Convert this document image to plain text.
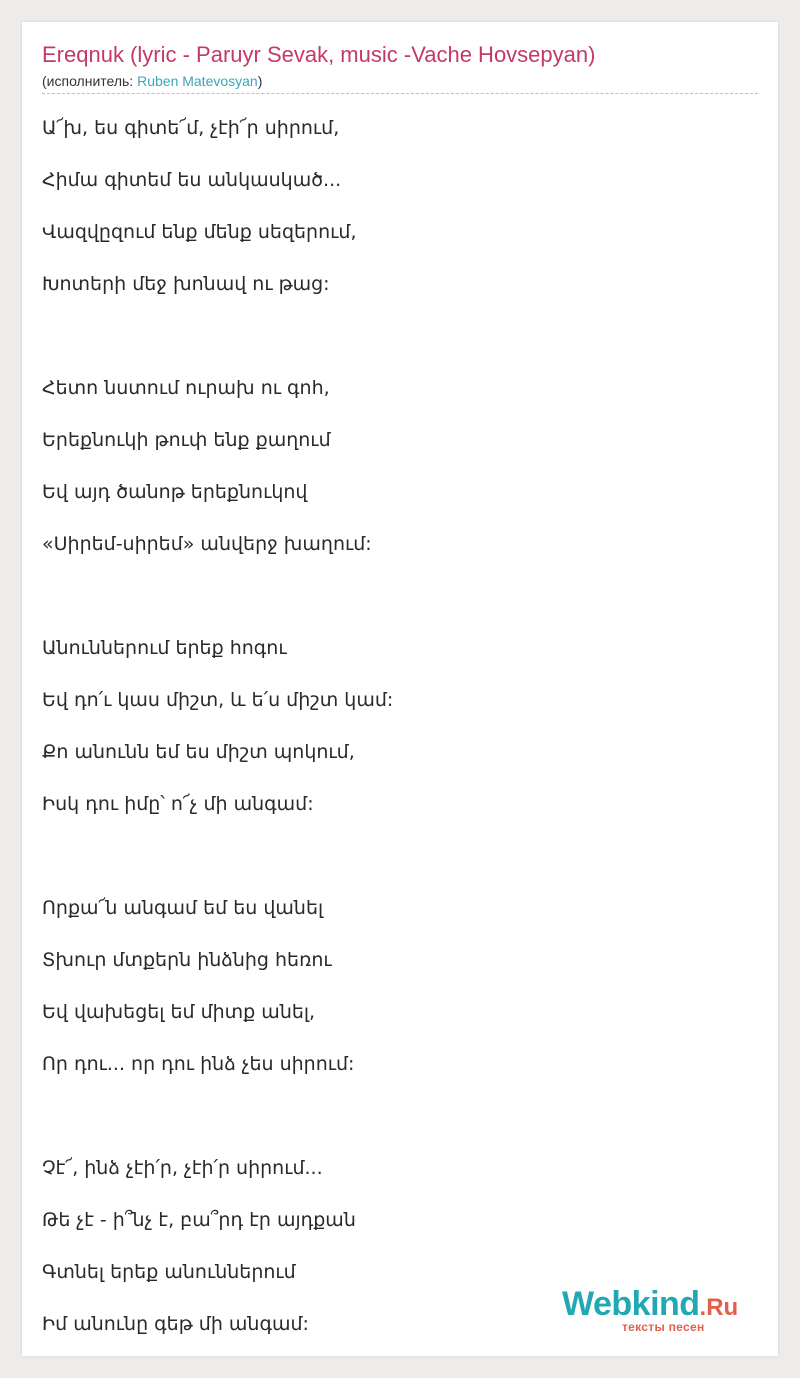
Ereqnuk (lyric - Paruyr Sevak, music -Vache Hovsepyan)
(исполнитель: Ruben Matevosyan)
Ա՜խ, ես գիտե՜մ, չէի՜ր սիրում,
Հիմա գիտեմ ես անկասկած...
Վազվըզում ենք մենք սեզերում,
Խոտերի մեջ խոնավ ու թաց:
Հետո նստում ուրախ ու գոհ,
Երեքնուկի թուփ ենք քաղում
Եվ այդ ծանոթ երեքնուկով
«Սիրեմ-սիրեմ» անվերջ խաղում:
Անուններում երեք հոգու
Եվ դո՛ւ կաս միշտ, և ե՛ս միշտ կամ:
Քո անունն եմ ես միշտ պոկում,
Իսկ դու իմը՝ ո՜չ մի անգամ:
Որքա՜ն անգամ եմ ես վանել
Տխուր մտքերն ինձնից հեռու
Եվ վախեցել եմ միտք անել,
Որ դու... որ դու ինձ չես սիրում:
Չէ՜, ինձ չէի՛ր, չէի՛ր սիրում...
Թե չէ - ի՞նչ է, բա՞րդ էր այդքան
Գտնել երեք անուններում
Իմ անունը գեթ մի անգամ:
Webkind.Ru
тексты песен
